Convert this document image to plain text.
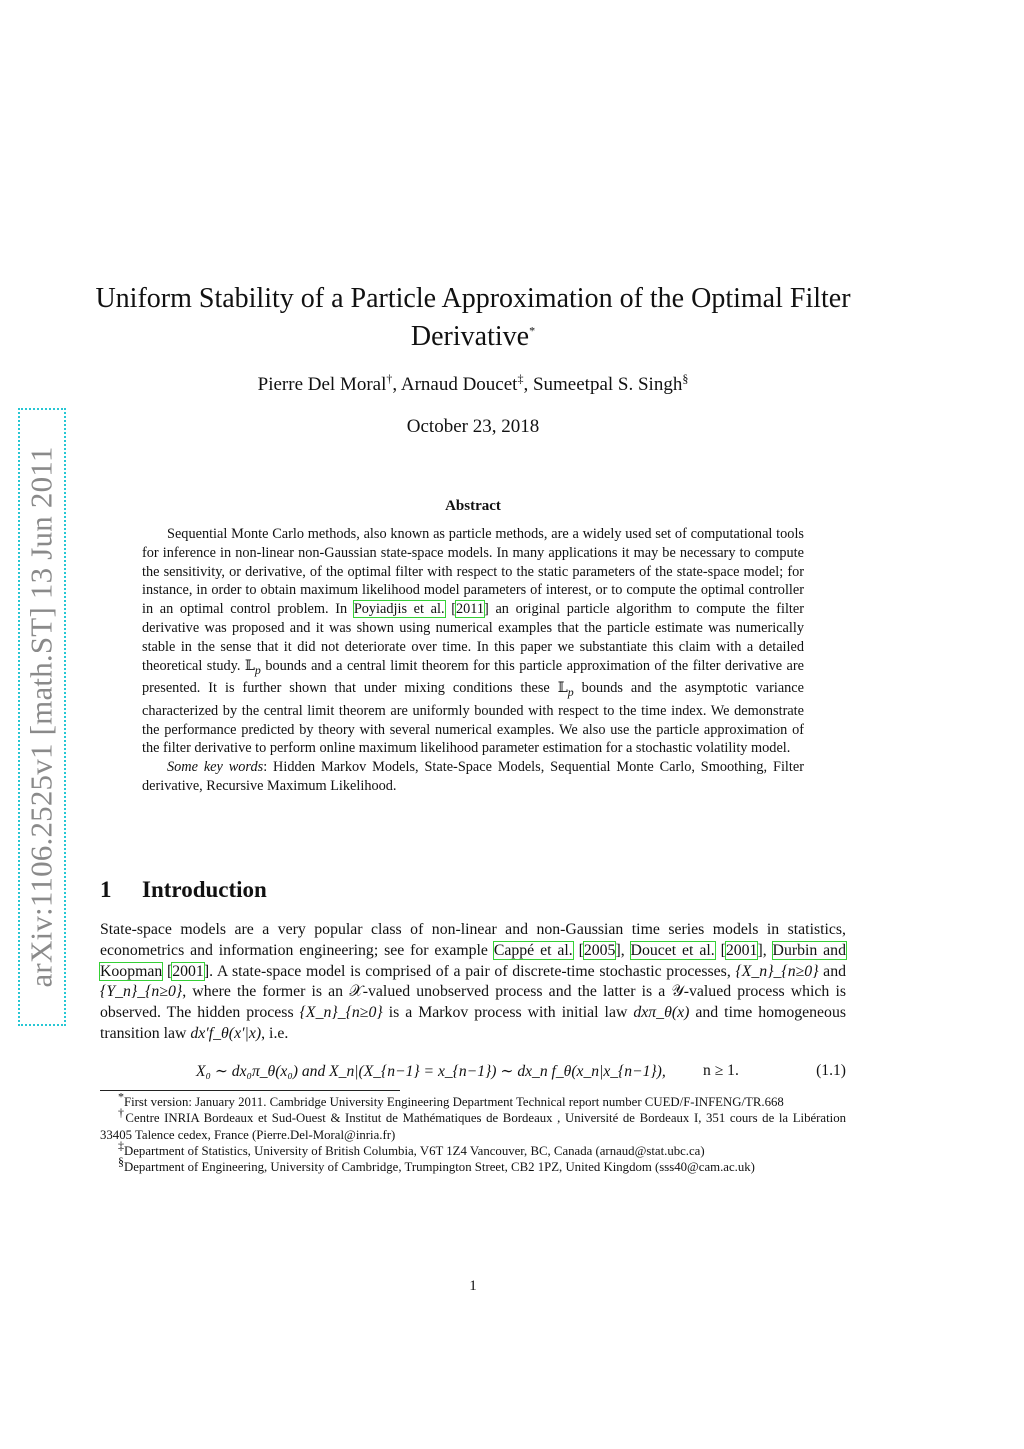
arXiv:1106.2525v1 [math.ST] 13 Jun 2011
Uniform Stability of a Particle Approximation of the Optimal Filter Derivative*
Pierre Del Moral†, Arnaud Doucet‡, Sumeetpal S. Singh§
October 23, 2018
Abstract

Sequential Monte Carlo methods, also known as particle methods, are a widely used set of computational tools for inference in non-linear non-Gaussian state-space models. In many applications it may be necessary to compute the sensitivity, or derivative, of the optimal filter with respect to the static parameters of the state-space model; for instance, in order to obtain maximum likelihood model parameters of interest, or to compute the optimal controller in an optimal control problem. In Poyiadjis et al. [2011] an original particle algorithm to compute the filter derivative was proposed and it was shown using numerical examples that the particle estimate was numerically stable in the sense that it did not deteriorate over time. In this paper we substantiate this claim with a detailed theoretical study. 𝕃$_p$ bounds and a central limit theorem for this particle approximation of the filter derivative are presented. It is further shown that under mixing conditions these 𝕃$_p$ bounds and the asymptotic variance characterized by the central limit theorem are uniformly bounded with respect to the time index. We demonstrate the performance predicted by theory with several numerical examples. We also use the particle approximation of the filter derivative to perform online maximum likelihood parameter estimation for a stochastic volatility model.

Some key words: Hidden Markov Models, State-Space Models, Sequential Monte Carlo, Smoothing, Filter derivative, Recursive Maximum Likelihood.

1 Introduction

State-space models are a very popular class of non-linear and non-Gaussian time series models in statistics, econometrics and information engineering; see for example Cappé et al. [2005], Doucet et al. [2001], Durbin and Koopman [2001]. A state-space model is comprised of a pair of discrete-time stochastic processes, {X_n}_{n≥0} and {Y_n}_{n≥0}, where the former is an 𝒳-valued unobserved process and the latter is a 𝒴-valued process which is observed. The hidden process {X_n}_{n≥0} is a Markov process with initial law dxπ_θ(x) and time homogeneous transition law dx′f_θ(x′|x), i.e.

X₀ ∼ dx₀π_θ(x₀) and X_n|(X_{n−1} = x_{n−1}) ∼ dx_n f_θ(x_n|x_{n−1}), n ≥ 1.	(1.1)

*First version: January 2011. Cambridge University Engineering Department Technical report number CUED/F-INFENG/TR.668

†Centre INRIA Bordeaux et Sud-Ouest & Institut de Mathématiques de Bordeaux , Université de Bordeaux I, 351 cours de la Libération 33405 Talence cedex, France (Pierre.Del-Moral@inria.fr)

‡Department of Statistics, University of British Columbia, V6T 1Z4 Vancouver, BC, Canada (arnaud@stat.ubc.ca)

§Department of Engineering, University of Cambridge, Trumpington Street, CB2 1PZ, United Kingdom (sss40@cam.ac.uk)

1
